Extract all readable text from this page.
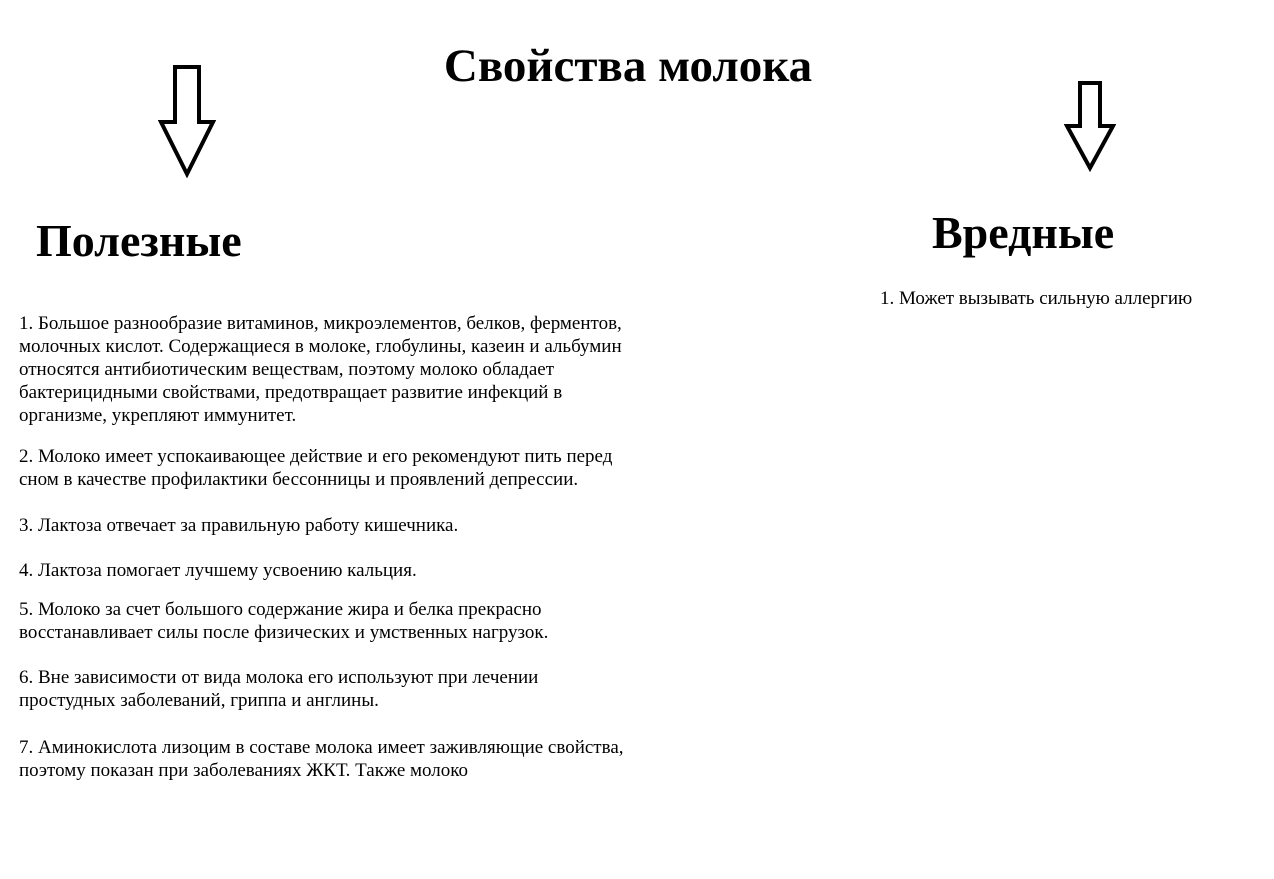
Свойства молока
Полезные	Вредные
1. Большое разнообразие витаминов, микроэлементов, белков, ферментов, молочных кислот. Содержащиеся в молоке, глобулины, казеин и альбумин относятся антибиотическим веществам, поэтому молоко обладает бактерицидными свойствами, предотвращает развитие инфекций в организме, укрепляют иммунитет.
2. Молоко имеет успокаивающее действие и его рекомендуют пить перед сном в качестве профилактики бессонницы и проявлений депрессии.
3. Лактоза отвечает за правильную работу кишечника.
4. Лактоза помогает лучшему усвоению кальция.
5. Молоко за счет большого содержание жира и белка прекрасно восстанавливает силы после физических и умственных нагрузок.
6. Вне зависимости от вида молока его используют при лечении простудных заболеваний, гриппа и англины.
7. Аминокислота лизоцим в составе молока имеет заживляющие свойства, поэтому показан при заболеваниях ЖКТ. Также молоко
1. Может вызывать сильную аллергию
